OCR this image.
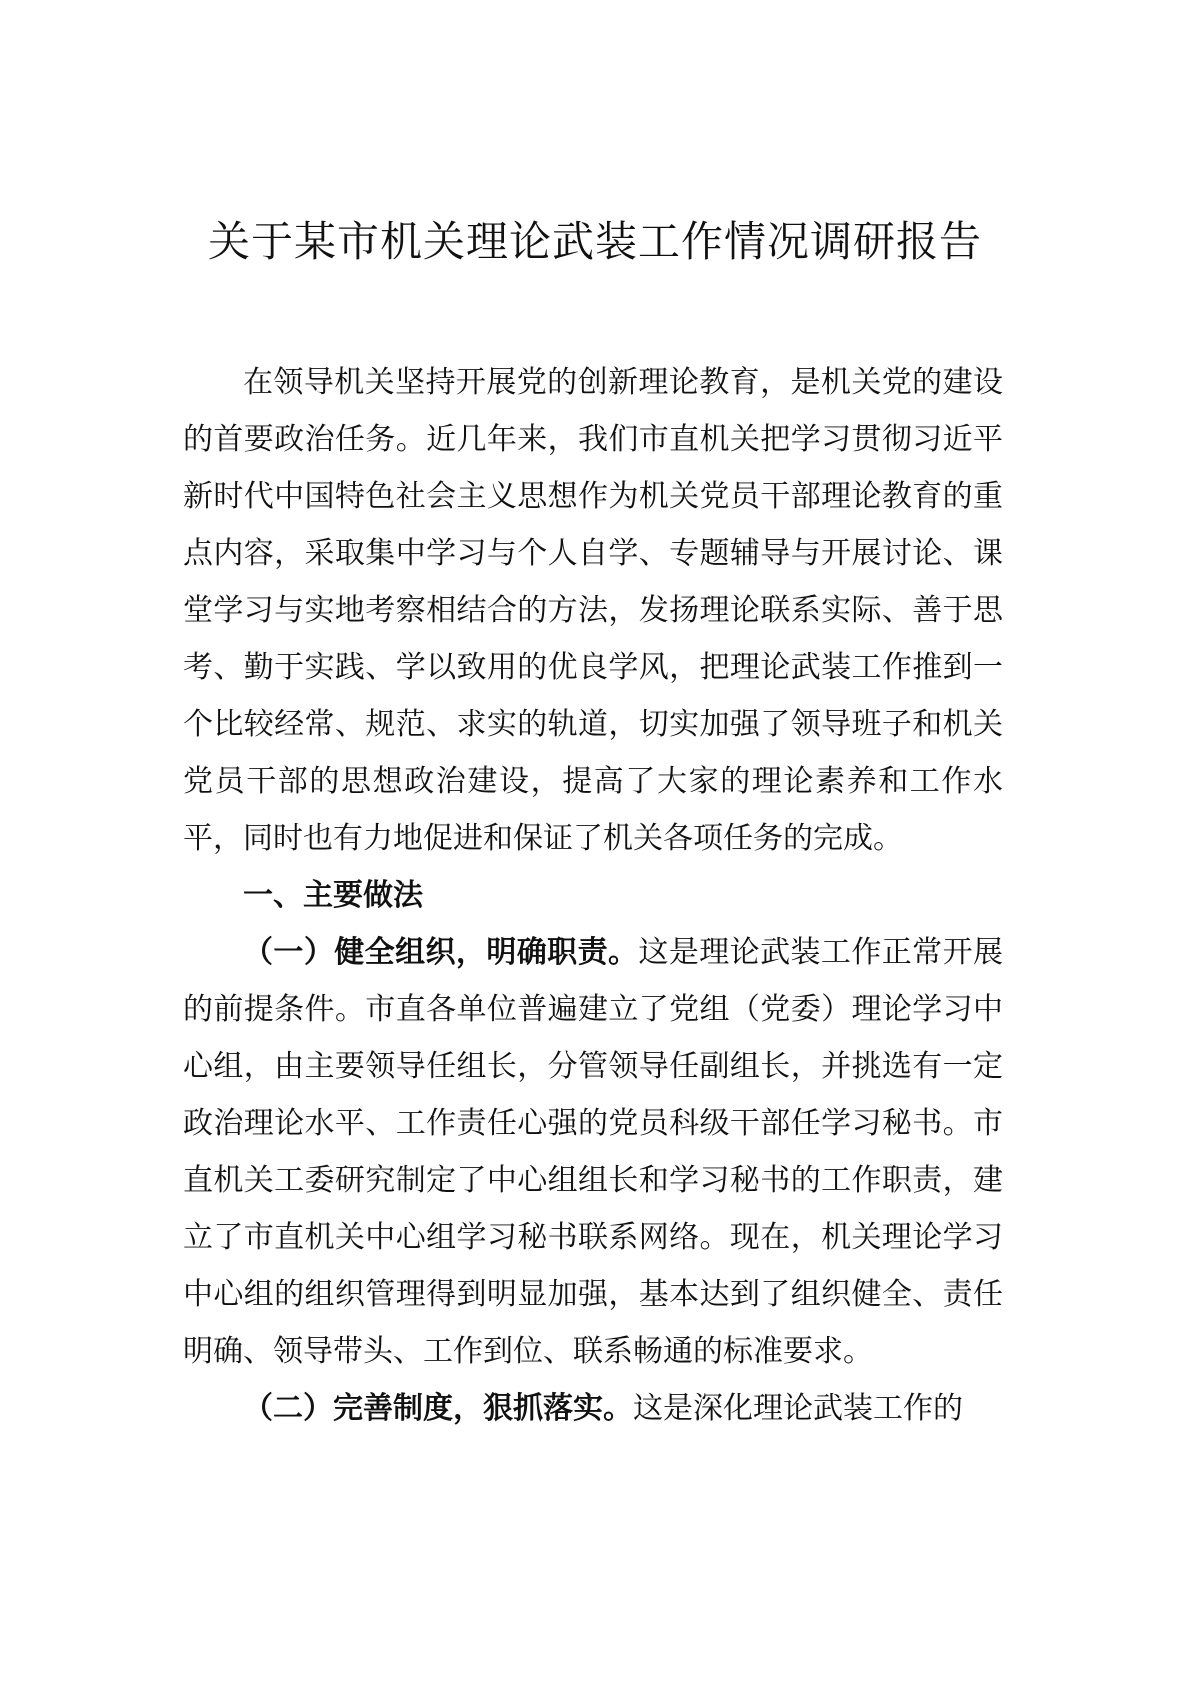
关于某市机关理论武装工作情况调研报告

在领导机关坚持开展党的创新理论教育，是机关党的建设的首要政治任务。近几年来，我们市直机关把学习贯彻习近平新时代中国特色社会主义思想作为机关党员干部理论教育的重点内容，采取集中学习与个人自学、专题辅导与开展讨论、课堂学习与实地考察相结合的方法，发扬理论联系实际、善于思考、勤于实践、学以致用的优良学风，把理论武装工作推到一个比较经常、规范、求实的轨道，切实加强了领导班子和机关党员干部的思想政治建设，提高了大家的理论素养和工作水平，同时也有力地促进和保证了机关各项任务的完成。

一、主要做法

（一）健全组织，明确职责。这是理论武装工作正常开展的前提条件。市直各单位普遍建立了党组（党委）理论学习中心组，由主要领导任组长，分管领导任副组长，并挑选有一定政治理论水平、工作责任心强的党员科级干部任学习秘书。市直机关工委研究制定了中心组组长和学习秘书的工作职责，建立了市直机关中心组学习秘书联系网络。现在，机关理论学习中心组的组织管理得到明显加强，基本达到了组织健全、责任明确、领导带头、工作到位、联系畅通的标准要求。

（二）完善制度，狠抓落实。这是深化理论武装工作的
